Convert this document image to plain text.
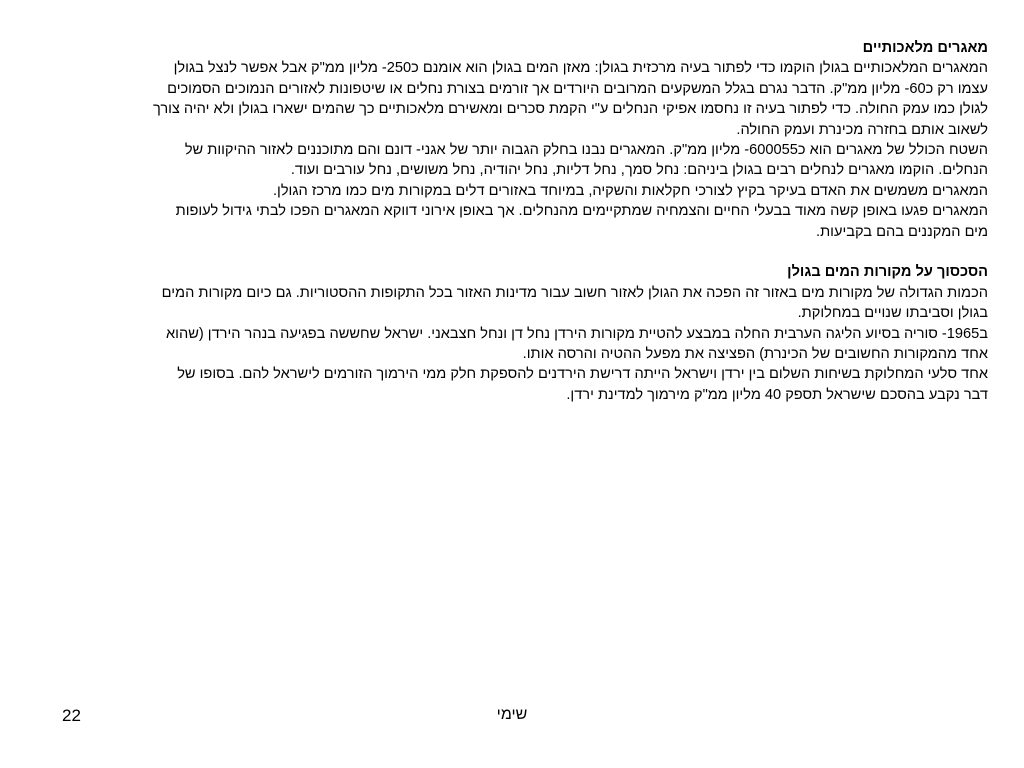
מאגרים מלאכותיים

המאגרים המלאכותיים בגולן הוקמו כדי לפתור בעיה מרכזית בגולן: מאזן המים בגולן הוא אומנם כ250- מליון ממ"ק אבל אפשר לנצל בגולן עצמו רק כ60- מליון ממ"ק. הדבר נגרם בגלל המשקעים המרובים היורדים אך זורמים בצורת נחלים או שיטפונות לאזורים הנמוכים הסמוכים לגולן כמו עמק החולה. כדי לפתור בעיה זו נחסמו אפיקי הנחלים ע"י הקמת סכרים ומאשירם מלאכותיים כך שהמים ישארו בגולן ולא יהיה צורך לשאוב אותם בחזרה מכינרת ועמק החולה.

השטח הכולל של מאגרים הוא כ600055- מליון ממ"ק. המאגרים נבנו בחלק הגבוה יותר של אגני- דונם והם מתוכננים לאזור ההיקוות של הנחלים. הוקמו מאגרים לנחלים רבים בגולן ביניהם: נחל סמך, נחל דליות, נחל יהודיה, נחל משושים, נחל עורבים ועוד.

המאגרים משמשים את האדם בעיקר בקיץ לצורכי חקלאות והשקיה, במיוחד באזורים דלים במקורות מים כמו מרכז הגולן.

המאגרים פגעו באופן קשה מאוד בבעלי החיים והצמחיה שמתקיימים מהנחלים. אך באופן אירוני דווקא המאגרים הפכו לבתי גידול לעופות מים המקננים בהם בקביעות.

הסכסוך על מקורות המים בגולן

הכמות הגדולה של מקורות מים באזור זה הפכה את הגולן לאזור חשוב עבור מדינות האזור בכל התקופות ההסטוריות. גם כיום מקורות המים בגולן וסביבתו שנויים במחלוקת.

ב1965- סוריה בסיוע הליגה הערבית החלה במבצע להטיית מקורות הירדן נחל דן ונחל חצבאני. ישראל שחששה בפגיעה בנהר הירדן (שהוא אחד מהמקורות החשובים של הכינרת) הפציצה את מפעל ההטיה והרסה אותו.

אחד סלעי המחלוקת בשיחות השלום בין ירדן וישראל הייתה דרישת הירדנים להספקת חלק ממי הירמוך הזורמים לישראל להם. בסופו של דבר נקבע בהסכם שישראל תספק 40 מליון ממ"ק מירמוך למדינת ירדן.

שימי
22
